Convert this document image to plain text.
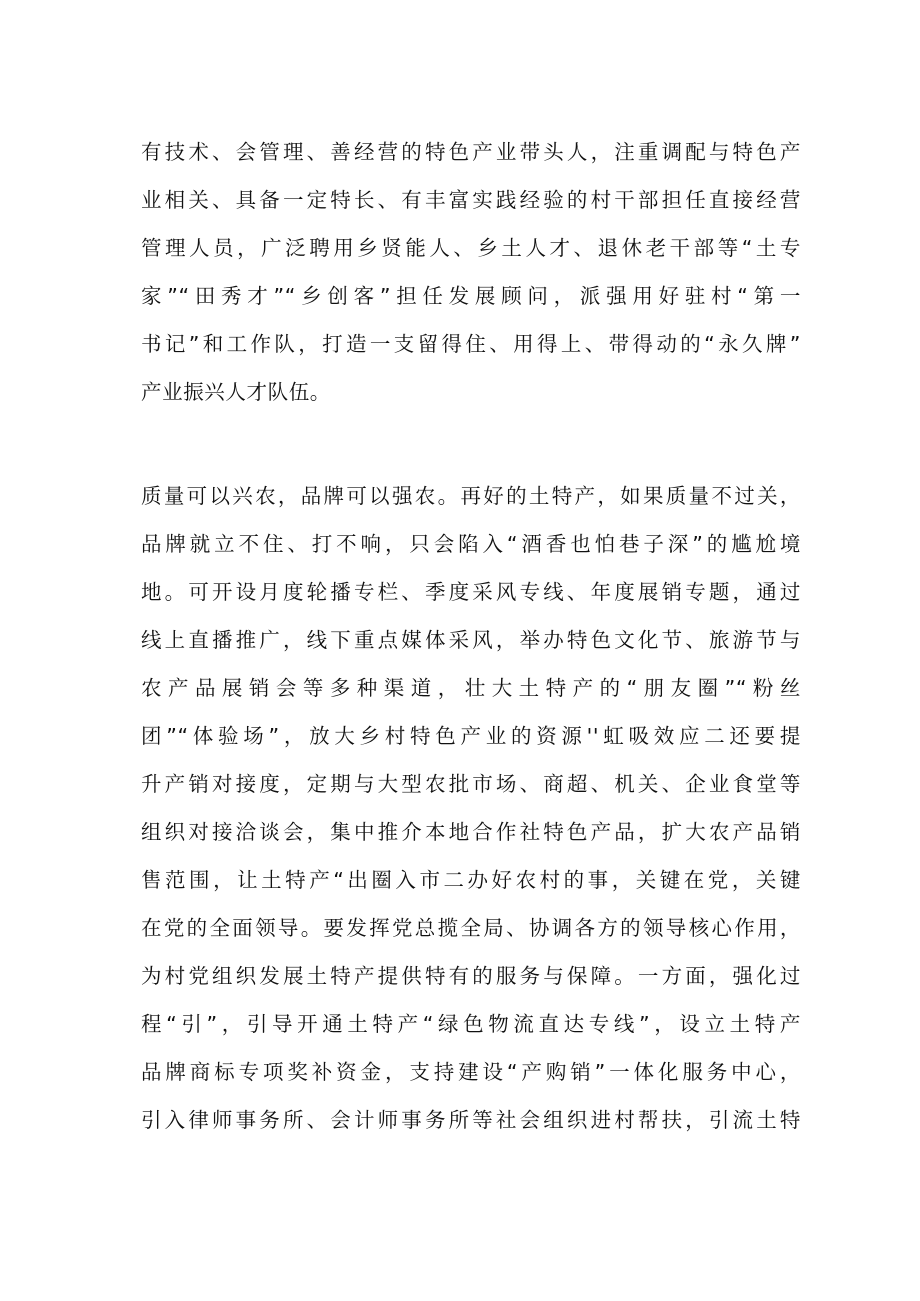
有技术、会管理、善经营的特色产业带头人，注重调配与特色产
业相关、具备一定特长、有丰富实践经验的村干部担任直接经营
管理人员，广泛聘用乡贤能人、乡土人才、退休老干部等“土专
家”“田秀才”“乡创客”担任发展顾问，派强用好驻村“第一
书记”和工作队，打造一支留得住、用得上、带得动的“永久牌”
产业振兴人才队伍。
质量可以兴农，品牌可以强农。再好的土特产，如果质量不过关，
品牌就立不住、打不响，只会陷入“酒香也怕巷子深”的尴尬境
地。可开设月度轮播专栏、季度采风专线、年度展销专题，通过
线上直播推广，线下重点媒体采风，举办特色文化节、旅游节与
农产品展销会等多种渠道，壮大土特产的“朋友圈”“粉丝
团”“体验场”，放大乡村特色产业的资源''虹吸效应二还要提
升产销对接度，定期与大型农批市场、商超、机关、企业食堂等
组织对接洽谈会，集中推介本地合作社特色产品，扩大农产品销
售范围，让土特产“出圈入市二办好农村的事，关键在党，关键
在党的全面领导。要发挥党总揽全局、协调各方的领导核心作用，
为村党组织发展土特产提供特有的服务与保障。一方面，强化过
程“引”，引导开通土特产“绿色物流直达专线”，设立土特产
品牌商标专项奖补资金，支持建设“产购销”一体化服务中心，
引入律师事务所、会计师事务所等社会组织进村帮扶，引流土特
